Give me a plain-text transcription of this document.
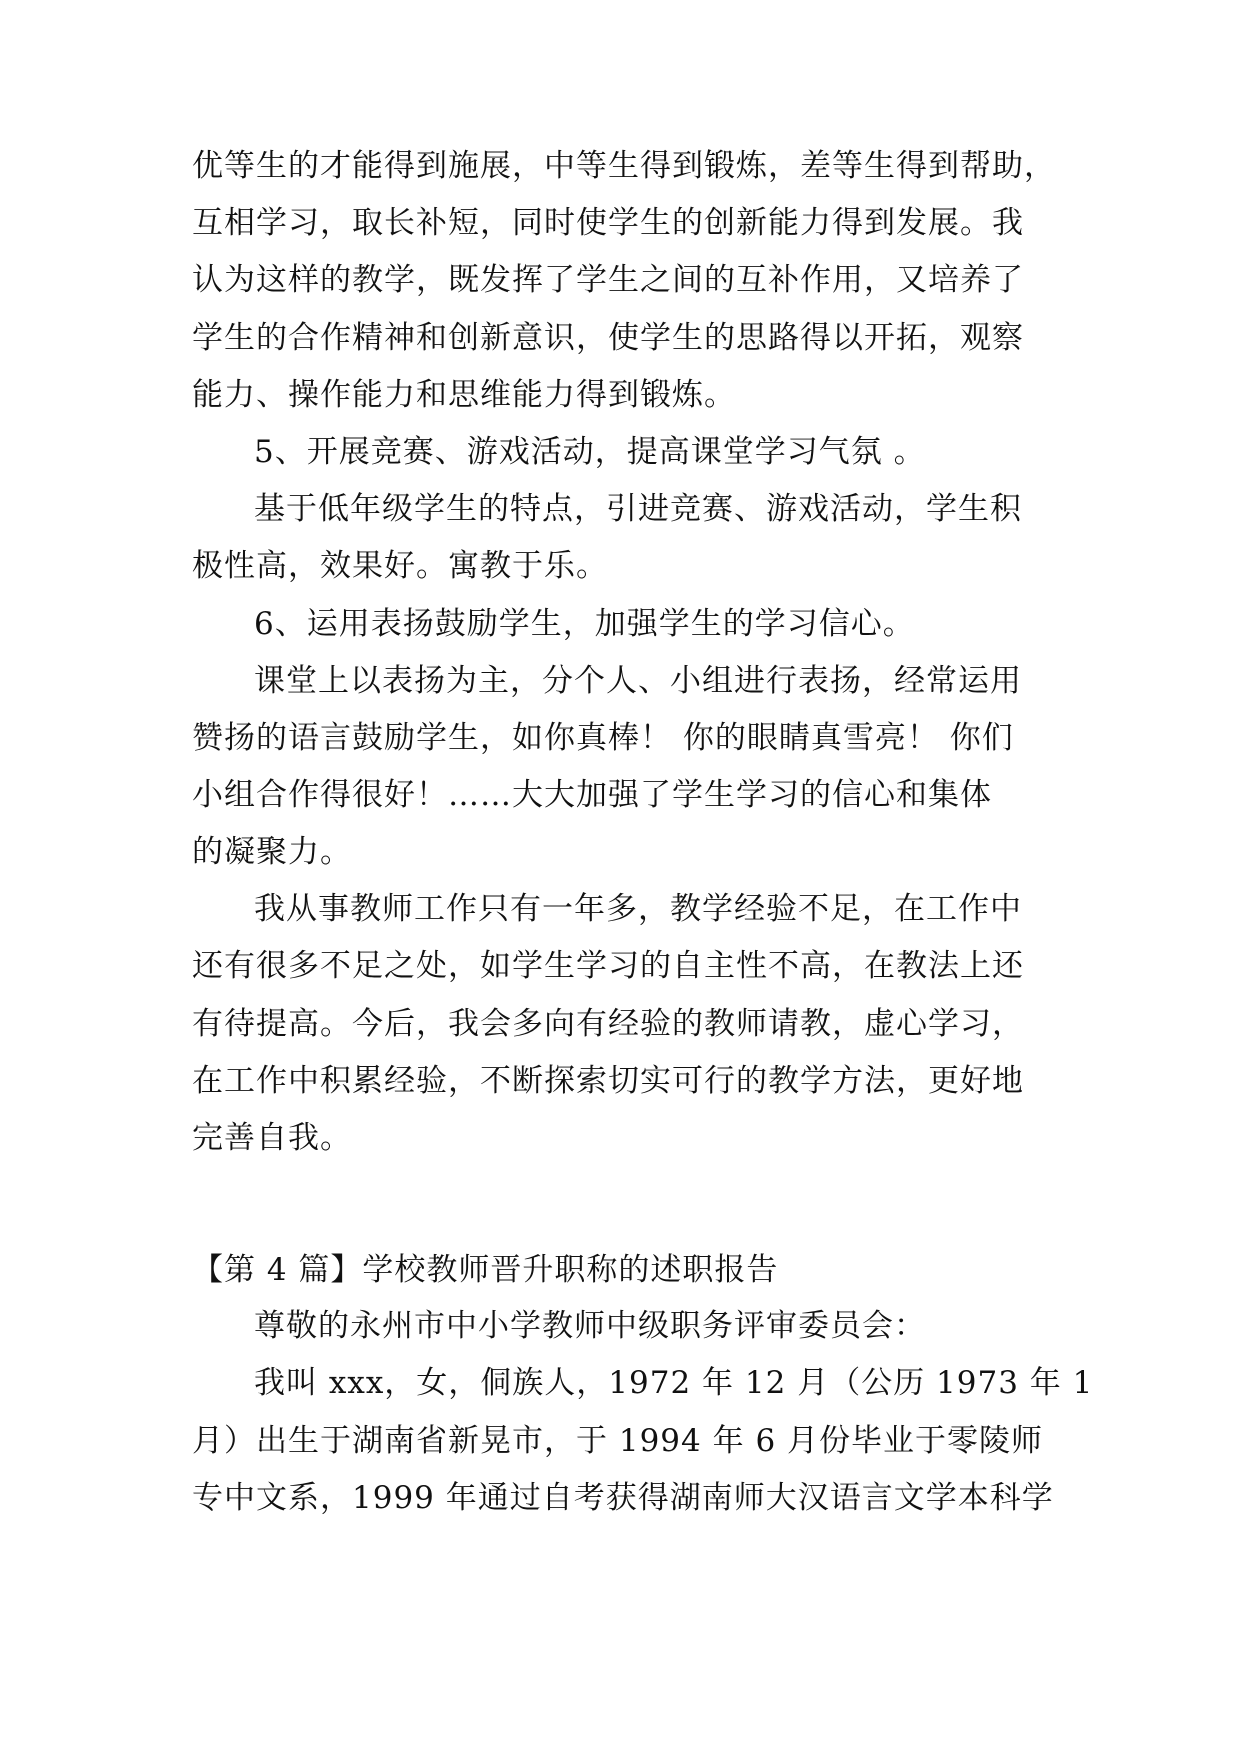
优等生的才能得到施展，中等生得到锻炼，差等生得到帮助，
互相学习，取长补短，同时使学生的创新能力得到发展。我
认为这样的教学，既发挥了学生之间的互补作用，又培养了
学生的合作精神和创新意识，使学生的思路得以开拓，观察
能力、操作能力和思维能力得到锻炼。
5、开展竞赛、游戏活动，提高课堂学习气氛 。
基于低年级学生的特点，引进竞赛、游戏活动，学生积
极性高，效果好。寓教于乐。
6、运用表扬鼓励学生，加强学生的学习信心。
课堂上以表扬为主，分个人、小组进行表扬，经常运用
赞扬的语言鼓励学生，如你真棒！ 你的眼睛真雪亮！ 你们
小组合作得很好！……大大加强了学生学习的信心和集体
的凝聚力。
我从事教师工作只有一年多，教学经验不足，在工作中
还有很多不足之处，如学生学习的自主性不高，在教法上还
有待提高。今后，我会多向有经验的教师请教，虚心学习，
在工作中积累经验，不断探索切实可行的教学方法，更好地
完善自我。
【第 4 篇】学校教师晋升职称的述职报告
尊敬的永州市中小学教师中级职务评审委员会：
我叫 xxx，女，侗族人，1972 年 12 月（公历 1973 年 1
月）出生于湖南省新晃市，于 1994 年 6 月份毕业于零陵师
专中文系，1999 年通过自考获得湖南师大汉语言文学本科学
